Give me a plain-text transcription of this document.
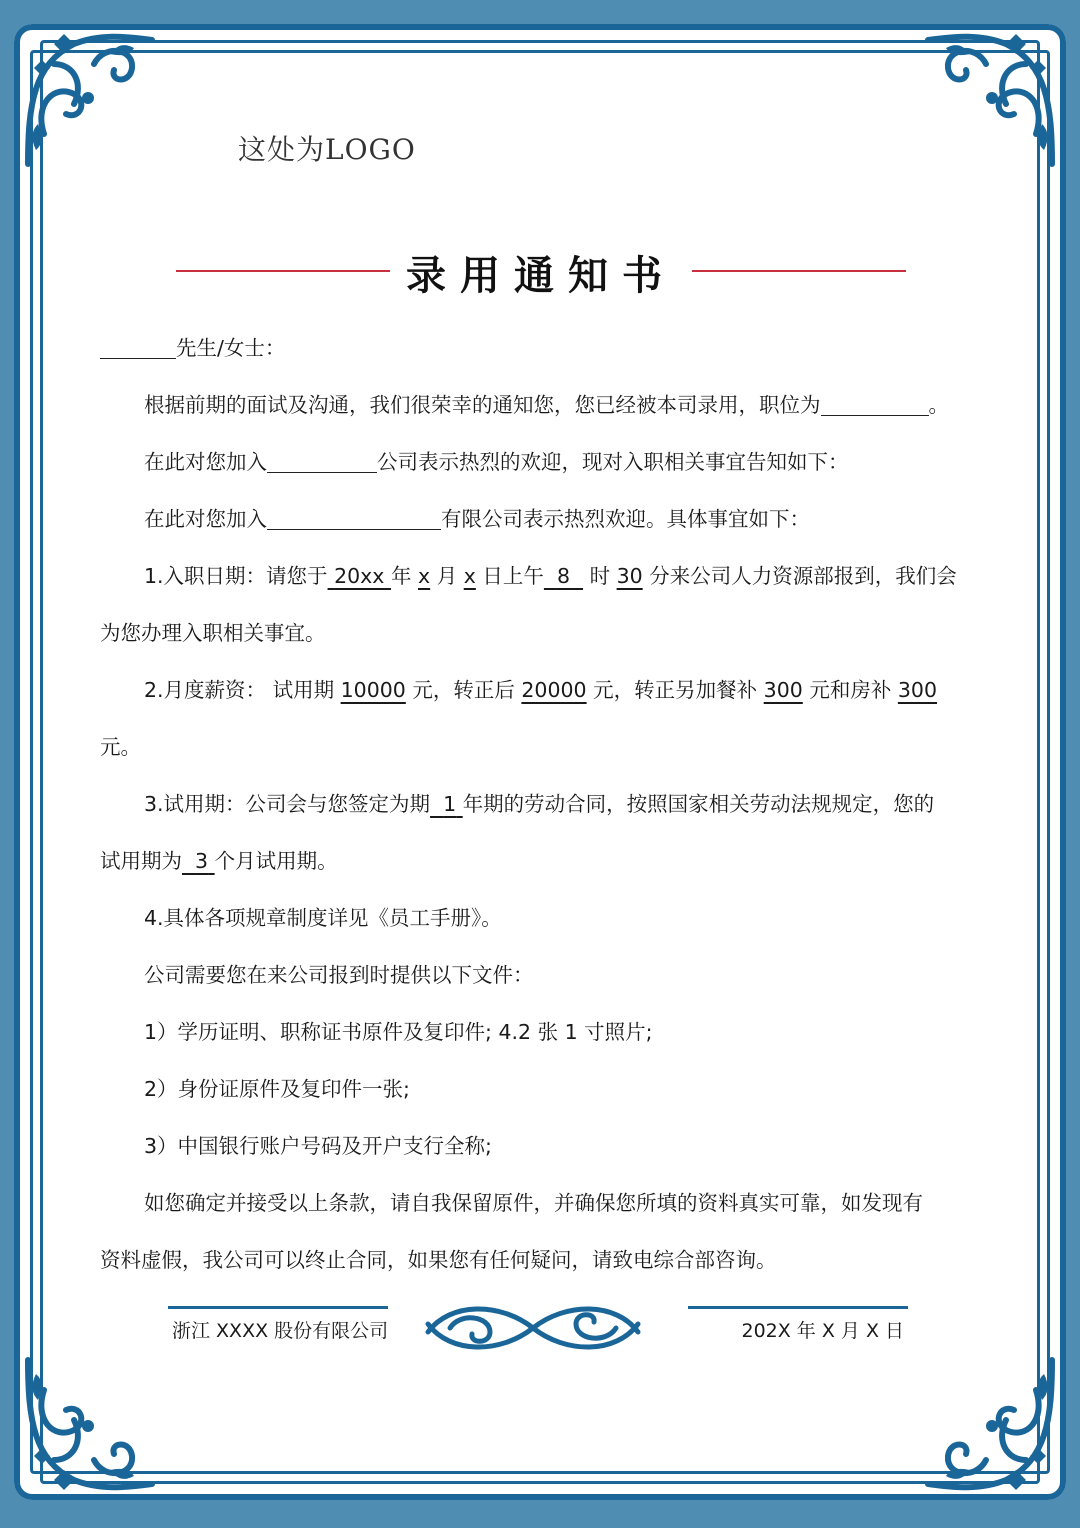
这处为LOGO
录用通知书
先生/女士：
根据前期的面试及沟通，我们很荣幸的通知您，您已经被本司录用，职位为	。
在此对您加入	公司表示热烈的欢迎，现对入职相关事宜告知如下：
在此对您加入	有限公司表示热烈欢迎。具体事宜如下：
1.入职日期：请您于 20xx 年 x 月 x 日上午 8 时 30 分来公司人力资源部报到，我们会
为您办理入职相关事宜。
2.月度薪资： 试用期 10000 元，转正后 20000 元，转正另加餐补 300 元和房补 300
元。
3.试用期：公司会与您签定为期 1 年期的劳动合同，按照国家相关劳动法规规定，您的
试用期为 3 个月试用期。
4.具体各项规章制度详见《员工手册》。
公司需要您在来公司报到时提供以下文件：
1）学历证明、职称证书原件及复印件; 4.2 张 1 寸照片;
2）身份证原件及复印件一张;
3）中国银行账户号码及开户支行全称;
如您确定并接受以上条款，请自我保留原件，并确保您所填的资料真实可靠，如发现有
资料虚假，我公司可以终止合同，如果您有任何疑问，请致电综合部咨询。
浙江 XXXX 股份有限公司	202X 年 X 月 X 日
